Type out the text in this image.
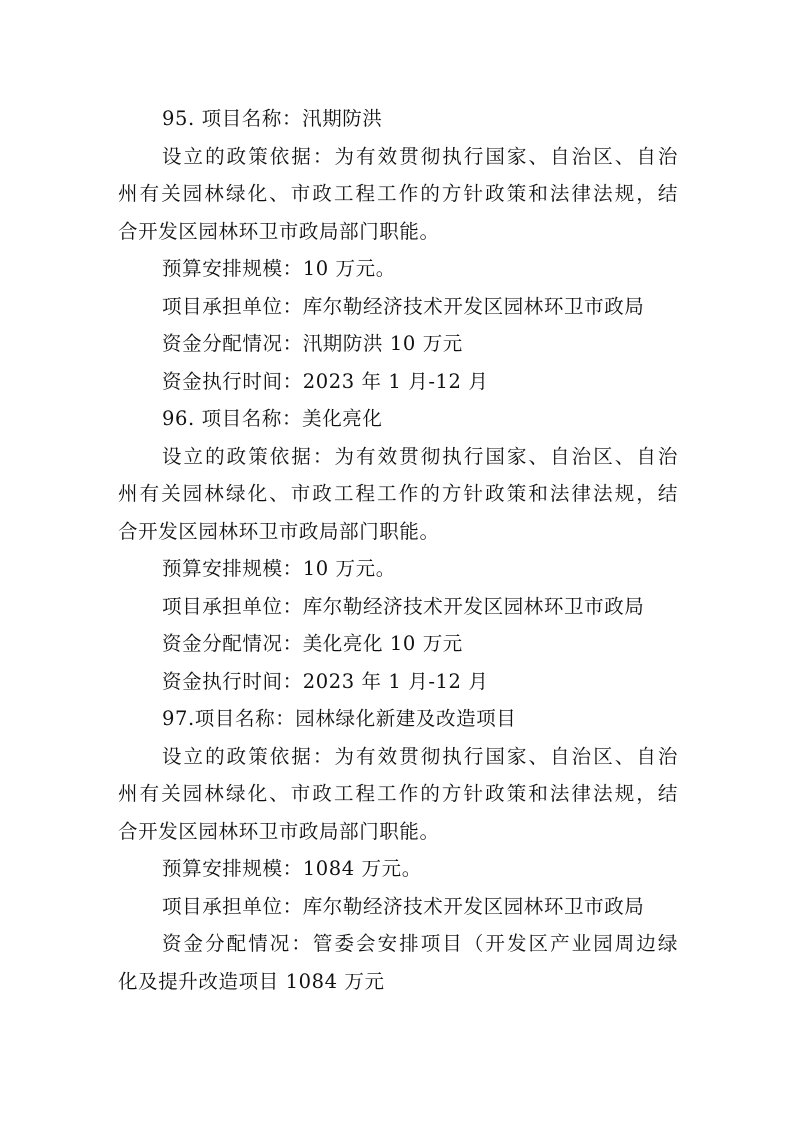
95. 项目名称：汛期防洪
设立的政策依据：为有效贯彻执行国家、自治区、自治
州有关园林绿化、市政工程工作的方针政策和法律法规，结
合开发区园林环卫市政局部门职能。
预算安排规模：10 万元。
项目承担单位：库尔勒经济技术开发区园林环卫市政局
资金分配情况：汛期防洪 10 万元
资金执行时间：2023 年 1 月-12 月
96. 项目名称：美化亮化
设立的政策依据：为有效贯彻执行国家、自治区、自治
州有关园林绿化、市政工程工作的方针政策和法律法规，结
合开发区园林环卫市政局部门职能。
预算安排规模：10 万元。
项目承担单位：库尔勒经济技术开发区园林环卫市政局
资金分配情况：美化亮化 10 万元
资金执行时间：2023 年 1 月-12 月
97.项目名称：园林绿化新建及改造项目
设立的政策依据：为有效贯彻执行国家、自治区、自治
州有关园林绿化、市政工程工作的方针政策和法律法规，结
合开发区园林环卫市政局部门职能。
预算安排规模：1084 万元。
项目承担单位：库尔勒经济技术开发区园林环卫市政局
资金分配情况：管委会安排项目（开发区产业园周边绿
化及提升改造项目 1084 万元
